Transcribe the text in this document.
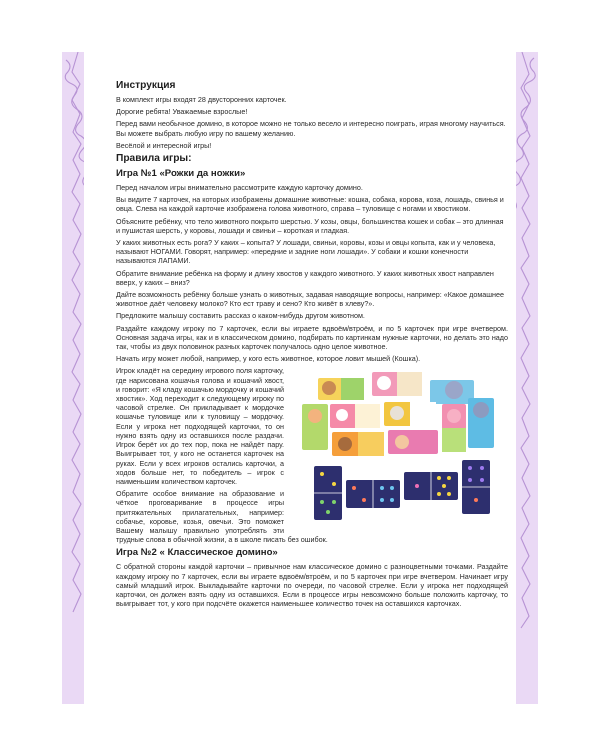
Инструкция

В комплект игры входят 28 двусторонних карточек.

Дорогие ребята! Уважаемые взрослые!

Перед вами необычное домино, в которое можно не только весело и интересно поиграть, играя многому научиться. Вы можете выбрать любую игру по вашему желанию.

Весёлой и интересной игры!

Правила игры:
Игра №1 «Рожки да ножки»

Перед началом игры внимательно рассмотрите каждую карточку домино.

Вы видите 7 карточек, на которых изображены домашние животные: кошка, собака, корова, коза, лошадь, свинья и овца. Слева на каждой карточке изображена голова животного, справа – туловище с ногами и хвостиком.

Объясните ребёнку, что тело животного покрыто шерстью. У козы, овцы, большинства кошек и собак – это длинная и пушистая шерсть, у коровы, лошади и свиньи – короткая и гладкая.

У каких животных есть рога? У каких – копыта? У лошади, свиньи, коровы, козы и овцы копыта, как и у человека, называют НОГАМИ. Говорят, например: «передние и задние ноги лошади». У собаки и кошки конечности называются ЛАПАМИ.

Обратите внимание ребёнка на форму и длину хвостов у каждого животного. У каких животных хвост направлен вверх, у каких – вниз?

Дайте возможность ребёнку больше узнать о животных, задавая наводящие вопросы, например: «Какое домашнее животное даёт человеку молоко? Кто ест траву и сено? Кто живёт в хлеву?».

Предложите малышу составить рассказ о каком-нибудь другом животном.

Раздайте каждому игроку по 7 карточек, если вы играете вдвоём/втроём, и по 5 карточек при игре вчетвером. Основная задача игры, как и в классическом домино, подбирать по картинкам нужные карточки, но делать это надо так, чтобы из двух половинок разных карточек получалось одно целое животное.

Начать игру может любой, например, у кого есть животное, которое ловит мышей (Кошка).

Игрок кладёт на середину игрового поля карточку, где нарисована кошачья голова и кошачий хвост, и говорит: «Я кладу кошачью мордочку и кошачий хвостик». Ход переходит к следующему игроку по часовой стрелке. Он прикладывает к мордочке кошачье туловище или к туловищу – мордочку. Если у игрока нет подходящей карточки, то он нужно взять одну из оставшихся после раздачи. Игрок берёт их до тех пор, пока не найдёт пару. Выигрывает тот, у кого не останется карточек на руках. Если у всех игроков остались карточки, а ходов больше нет, то победитель – игрок с наименьшим количеством карточек.

Обратите особое внимание на образование и чёткое проговаривание в процессе игры притяжательных прилагательных, например: собачье, коровье, козья, овечьи. Это поможет Вашему малышу правильно употреблять эти трудные слова в обычной жизни, а в школе писать без ошибок.

Игра №2 « Классическое домино»

С обратной стороны каждой карточки – привычное нам классическое домино с разноцветными точками. Раздайте каждому игроку по 7 карточек, если вы играете вдвоём/втроём, и по 5 карточек при игре вчетвером. Начинает игру самый младший игрок. Выкладывайте карточки по очереди, по часовой стрелке. Если у игрока нет подходящей карточки, он должен взять одну из оставшихся. Если в процессе игры невозможно больше положить карточку, то выигрывает тот, у кого при подсчёте окажется наименьшее количество точек на оставшихся карточках.
